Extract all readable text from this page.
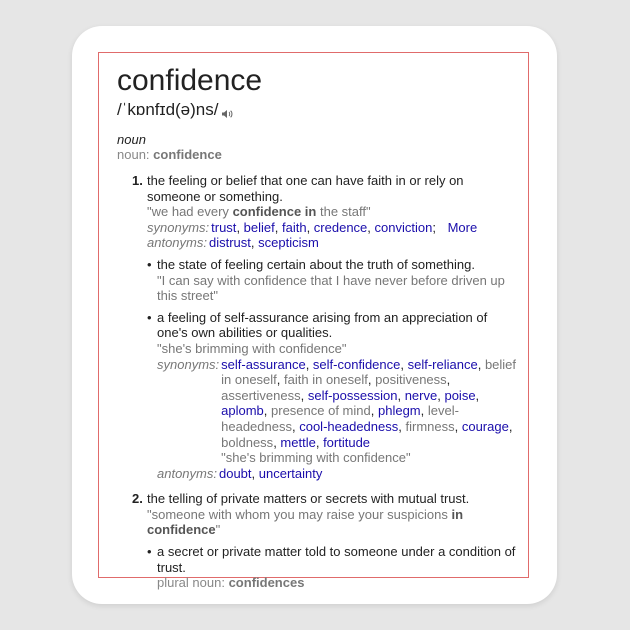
confidence
/ˈkɒnfɪd(ə)ns/
noun
noun: confidence
1. the feeling or belief that one can have faith in or rely on someone or something.
"we had every confidence in the staff"
synonyms: trust, belief, faith, credence, conviction; More
antonyms: distrust, scepticism
• the state of feeling certain about the truth of something.
"I can say with confidence that I have never before driven up this street"
• a feeling of self-assurance arising from an appreciation of one's own abilities or qualities.
"she's brimming with confidence"
synonyms: self-assurance, self-confidence, self-reliance, belief in oneself, faith in oneself, positiveness, assertiveness, self-possession, nerve, poise, aplomb, presence of mind, phlegm, level-headedness, cool-headedness, firmness, courage, boldness, mettle, fortitude
"she's brimming with confidence"
antonyms: doubt, uncertainty
2. the telling of private matters or secrets with mutual trust.
"someone with whom you may raise your suspicions in confidence"
• a secret or private matter told to someone under a condition of trust.
plural noun: confidences
